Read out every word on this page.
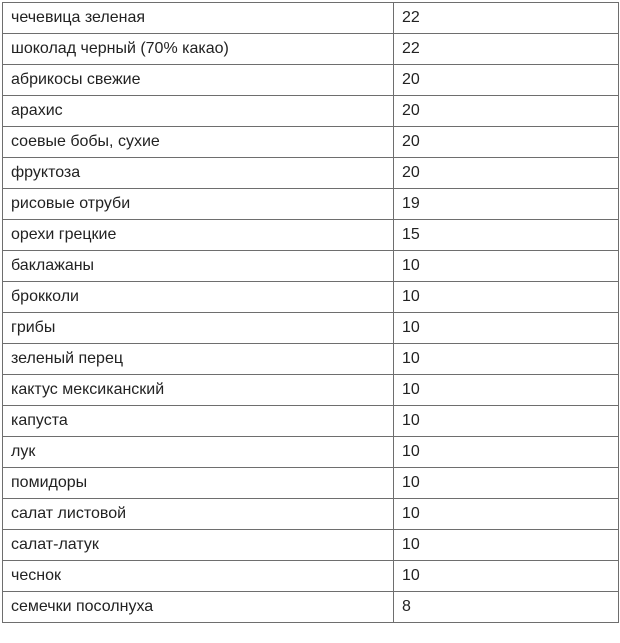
чечевица зеленая	22
шоколад черный (70% какао)	22
абрикосы свежие	20
арахис	20
соевые бобы, сухие	20
фруктоза	20
рисовые отруби	19
орехи грецкие	15
баклажаны	10
брокколи	10
грибы	10
зеленый перец	10
кактус мексиканский	10
капуста	10
лук	10
помидоры	10
салат листовой	10
салат-латук	10
чеснок	10
семечки посолнуха	8
